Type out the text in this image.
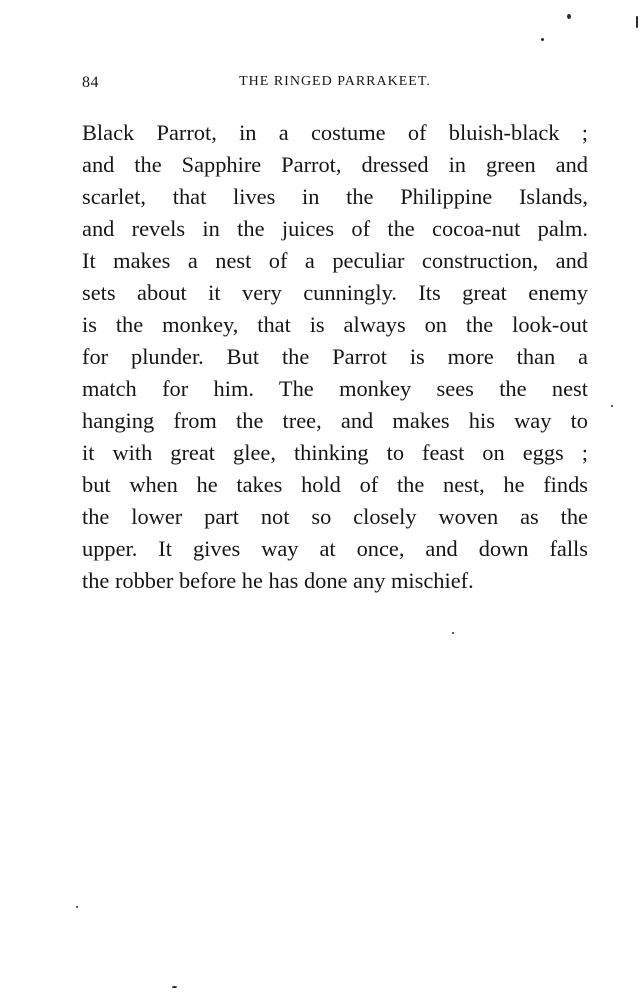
84	THE RINGED PARRAKEET.
Black Parrot, in a costume of bluish-black ;
and the Sapphire Parrot, dressed in green and
scarlet, that lives in the Philippine Islands,
and revels in the juices of the cocoa-nut palm.
It makes a nest of a peculiar construction, and
sets about it very cunningly. Its great enemy
is the monkey, that is always on the look-out
for plunder. But the Parrot is more than a
match for him. The monkey sees the nest
hanging from the tree, and makes his way to
it with great glee, thinking to feast on eggs ;
but when he takes hold of the nest, he finds
the lower part not so closely woven as the
upper. It gives way at once, and down falls
the robber before he has done any mischief.
